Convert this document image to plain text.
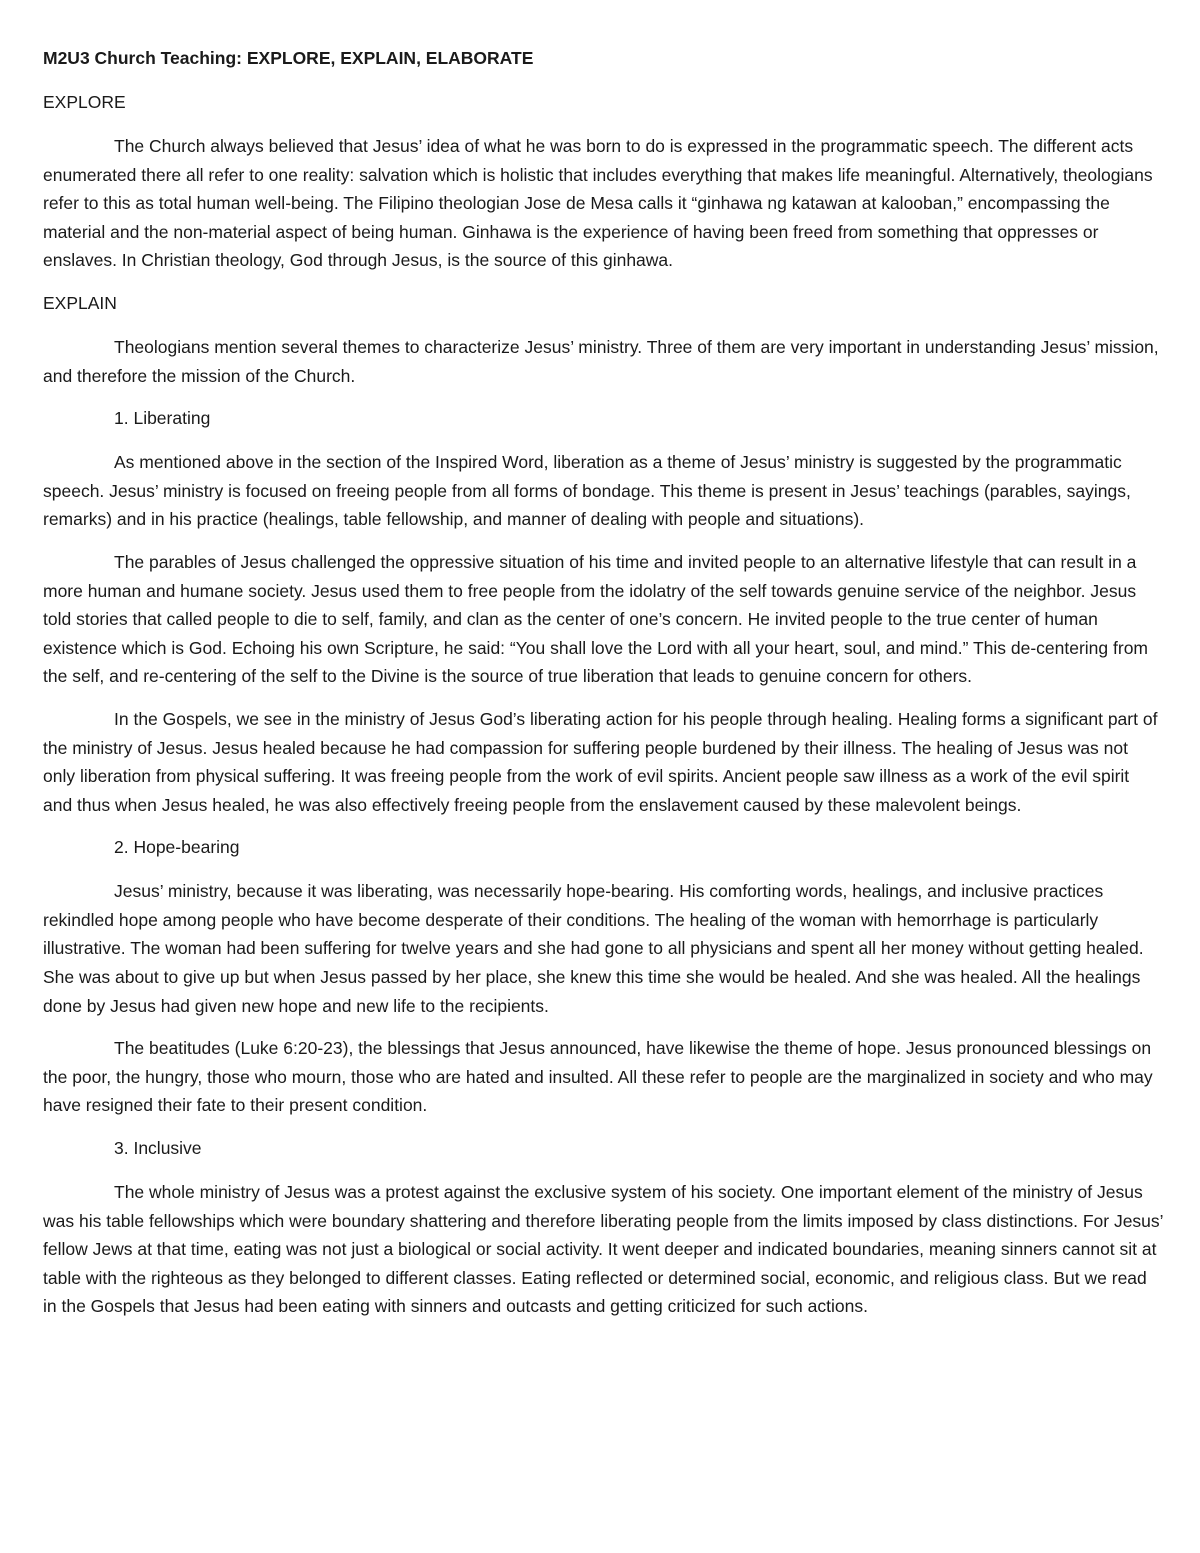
M2U3 Church Teaching: EXPLORE, EXPLAIN, ELABORATE
EXPLORE

The Church always believed that Jesus’ idea of what he was born to do is expressed in the programmatic speech. The different acts enumerated there all refer to one reality: salvation which is holistic that includes everything that makes life meaningful. Alternatively, theologians refer to this as total human well-being. The Filipino theologian Jose de Mesa calls it “ginhawa ng katawan at kalooban,” encompassing the material and the non-material aspect of being human. Ginhawa is the experience of having been freed from something that oppresses or enslaves. In Christian theology, God through Jesus, is the source of this ginhawa.

EXPLAIN

Theologians mention several themes to characterize Jesus’ ministry. Three of them are very important in understanding Jesus’ mission, and therefore the mission of the Church.

1. Liberating

As mentioned above in the section of the Inspired Word, liberation as a theme of Jesus’ ministry is suggested by the programmatic speech. Jesus’ ministry is focused on freeing people from all forms of bondage. This theme is present in Jesus’ teachings (parables, sayings, remarks) and in his practice (healings, table fellowship, and manner of dealing with people and situations).

The parables of Jesus challenged the oppressive situation of his time and invited people to an alternative lifestyle that can result in a more human and humane society. Jesus used them to free people from the idolatry of the self towards genuine service of the neighbor. Jesus told stories that called people to die to self, family, and clan as the center of one’s concern. He invited people to the true center of human existence which is God. Echoing his own Scripture, he said: “You shall love the Lord with all your heart, soul, and mind.” This de-centering from the self, and re-centering of the self to the Divine is the source of true liberation that leads to genuine concern for others.

In the Gospels, we see in the ministry of Jesus God’s liberating action for his people through healing. Healing forms a significant part of the ministry of Jesus. Jesus healed because he had compassion for suffering people burdened by their illness. The healing of Jesus was not only liberation from physical suffering. It was freeing people from the work of evil spirits. Ancient people saw illness as a work of the evil spirit and thus when Jesus healed, he was also effectively freeing people from the enslavement caused by these malevolent beings.

2. Hope-bearing

Jesus’ ministry, because it was liberating, was necessarily hope-bearing. His comforting words, healings, and inclusive practices rekindled hope among people who have become desperate of their conditions. The healing of the woman with hemorrhage is particularly illustrative. The woman had been suffering for twelve years and she had gone to all physicians and spent all her money without getting healed. She was about to give up but when Jesus passed by her place, she knew this time she would be healed. And she was healed. All the healings done by Jesus had given new hope and new life to the recipients.

The beatitudes (Luke 6:20-23), the blessings that Jesus announced, have likewise the theme of hope. Jesus pronounced blessings on the poor, the hungry, those who mourn, those who are hated and insulted. All these refer to people are the marginalized in society and who may have resigned their fate to their present condition.

3. Inclusive

The whole ministry of Jesus was a protest against the exclusive system of his society. One important element of the ministry of Jesus was his table fellowships which were boundary shattering and therefore liberating people from the limits imposed by class distinctions. For Jesus’ fellow Jews at that time, eating was not just a biological or social activity. It went deeper and indicated boundaries, meaning sinners cannot sit at table with the righteous as they belonged to different classes. Eating reflected or determined social, economic, and religious class. But we read in the Gospels that Jesus had been eating with sinners and outcasts and getting criticized for such actions.
